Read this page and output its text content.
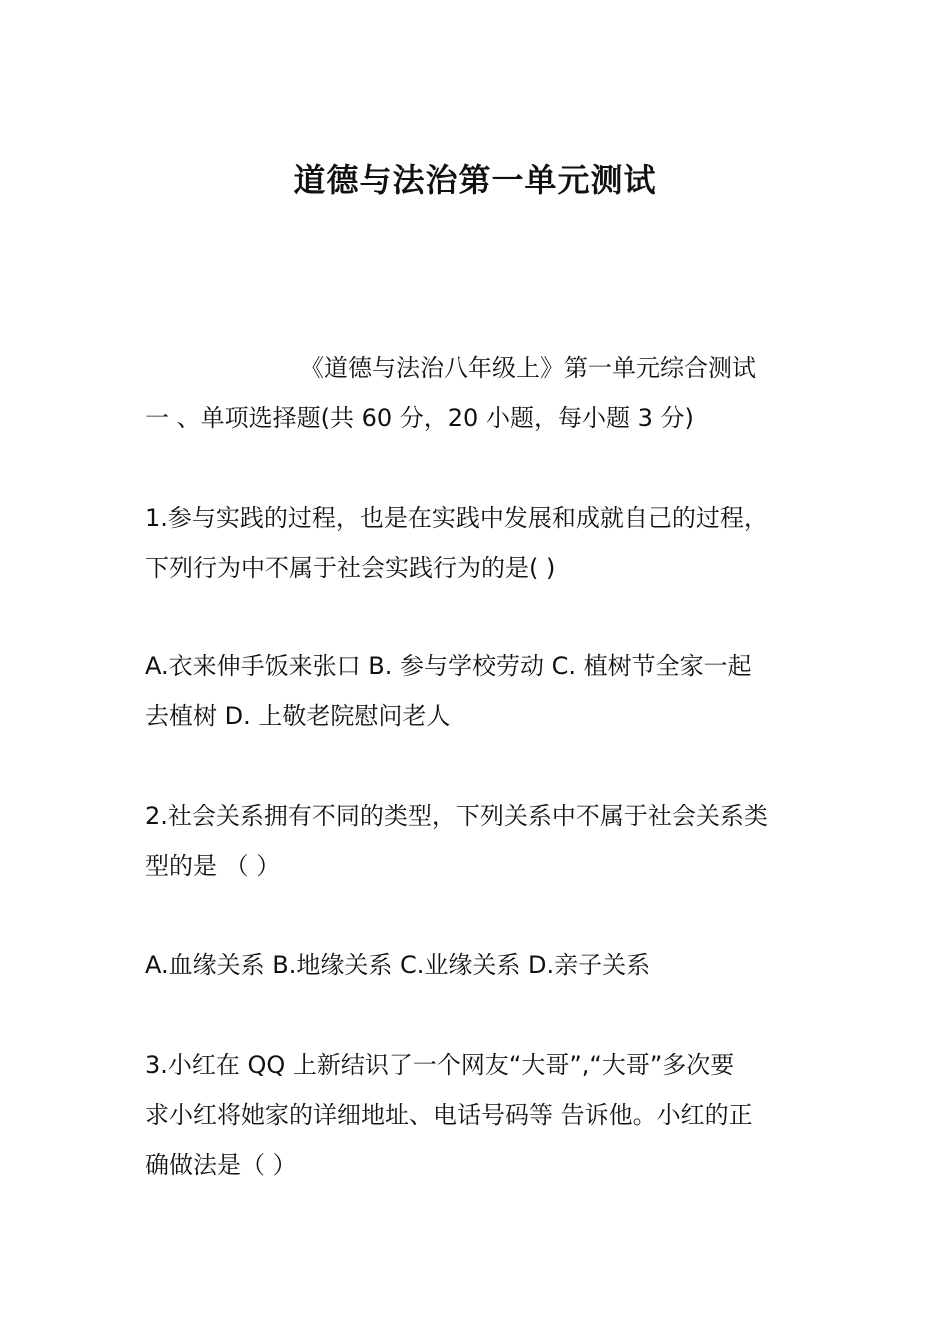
道德与法治第一单元测试
《道德与法治八年级上》第一单元综合测试
一 、单项选择题(共 60 分，20 小题，每小题 3 分)
1.参与实践的过程，也是在实践中发展和成就自己的过程，
下列行为中不属于社会实践行为的是( )
A.衣来伸手饭来张口 B. 参与学校劳动 C. 植树节全家一起
去植树 D. 上敬老院慰问老人
2.社会关系拥有不同的类型，下列关系中不属于社会关系类
型的是 （ ）
A.血缘关系 B.地缘关系 C.业缘关系 D.亲子关系
3.小红在 QQ 上新结识了一个网友“大哥”,“大哥”多次要
求小红将她家的详细地址、电话号码等 告诉他。小红的正
确做法是（ ）
